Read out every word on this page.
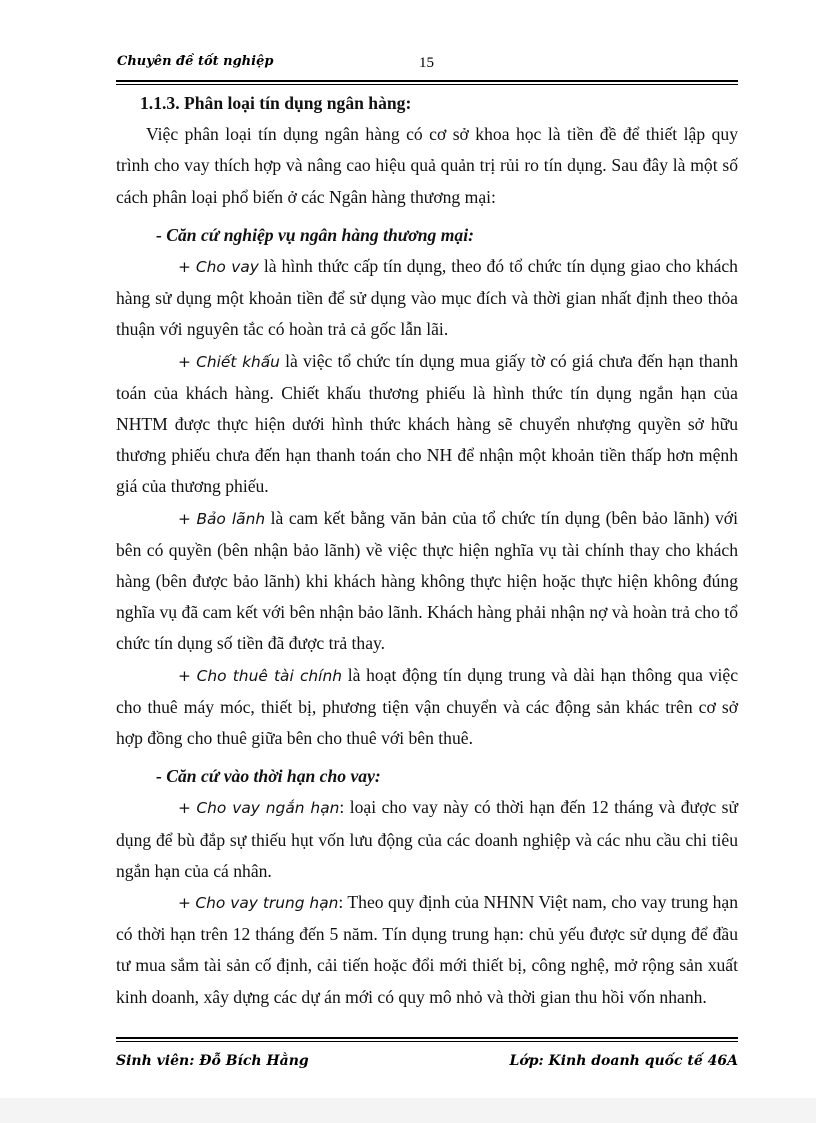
Chuyên đề tốt nghiệp	15

1.1.3. Phân loại tín dụng ngân hàng:

Việc phân loại tín dụng ngân hàng có cơ sở khoa học là tiền đề để thiết lập quy trình cho vay thích hợp và nâng cao hiệu quả quản trị rủi ro tín dụng. Sau đây là một số cách phân loại phổ biến ở các Ngân hàng thương mại:

- Căn cứ nghiệp vụ ngân hàng thương mại:

+ Cho vay là hình thức cấp tín dụng, theo đó tổ chức tín dụng giao cho khách hàng sử dụng một khoản tiền để sử dụng vào mục đích và thời gian nhất định theo thỏa thuận với nguyên tắc có hoàn trả cả gốc lẫn lãi.

+ Chiết khấu là việc tổ chức tín dụng mua giấy tờ có giá chưa đến hạn thanh toán của khách hàng. Chiết khấu thương phiếu là hình thức tín dụng ngắn hạn của NHTM được thực hiện dưới hình thức khách hàng sẽ chuyển nhượng quyền sở hữu thương phiếu chưa đến hạn thanh toán cho NH để nhận một khoản tiền thấp hơn mệnh giá của thương phiếu.

+ Bảo lãnh là cam kết bằng văn bản của tổ chức tín dụng (bên bảo lãnh) với bên có quyền (bên nhận bảo lãnh) về việc thực hiện nghĩa vụ tài chính thay cho khách hàng (bên được bảo lãnh) khi khách hàng không thực hiện hoặc thực hiện không đúng nghĩa vụ đã cam kết với bên nhận bảo lãnh. Khách hàng phải nhận nợ và hoàn trả cho tổ chức tín dụng số tiền đã được trả thay.

+ Cho thuê tài chính là hoạt động tín dụng trung và dài hạn thông qua việc cho thuê máy móc, thiết bị, phương tiện vận chuyển và các động sản khác trên cơ sở hợp đồng cho thuê giữa bên cho thuê với bên thuê.

- Căn cứ vào thời hạn cho vay:

+ Cho vay ngắn hạn: loại cho vay này có thời hạn đến 12 tháng và được sử dụng để bù đắp sự thiếu hụt vốn lưu động của các doanh nghiệp và các nhu cầu chi tiêu ngắn hạn của cá nhân.

+ Cho vay trung hạn: Theo quy định của NHNN Việt nam, cho vay trung hạn có thời hạn trên 12 tháng đến 5 năm. Tín dụng trung hạn: chủ yếu được sử dụng để đầu tư mua sắm tài sản cố định, cải tiến hoặc đổi mới thiết bị, công nghệ, mở rộng sản xuất kinh doanh, xây dựng các dự án mới có quy mô nhỏ và thời gian thu hồi vốn nhanh.

Sinh viên: Đỗ Bích Hằng	Lớp: Kinh doanh quốc tế 46A
